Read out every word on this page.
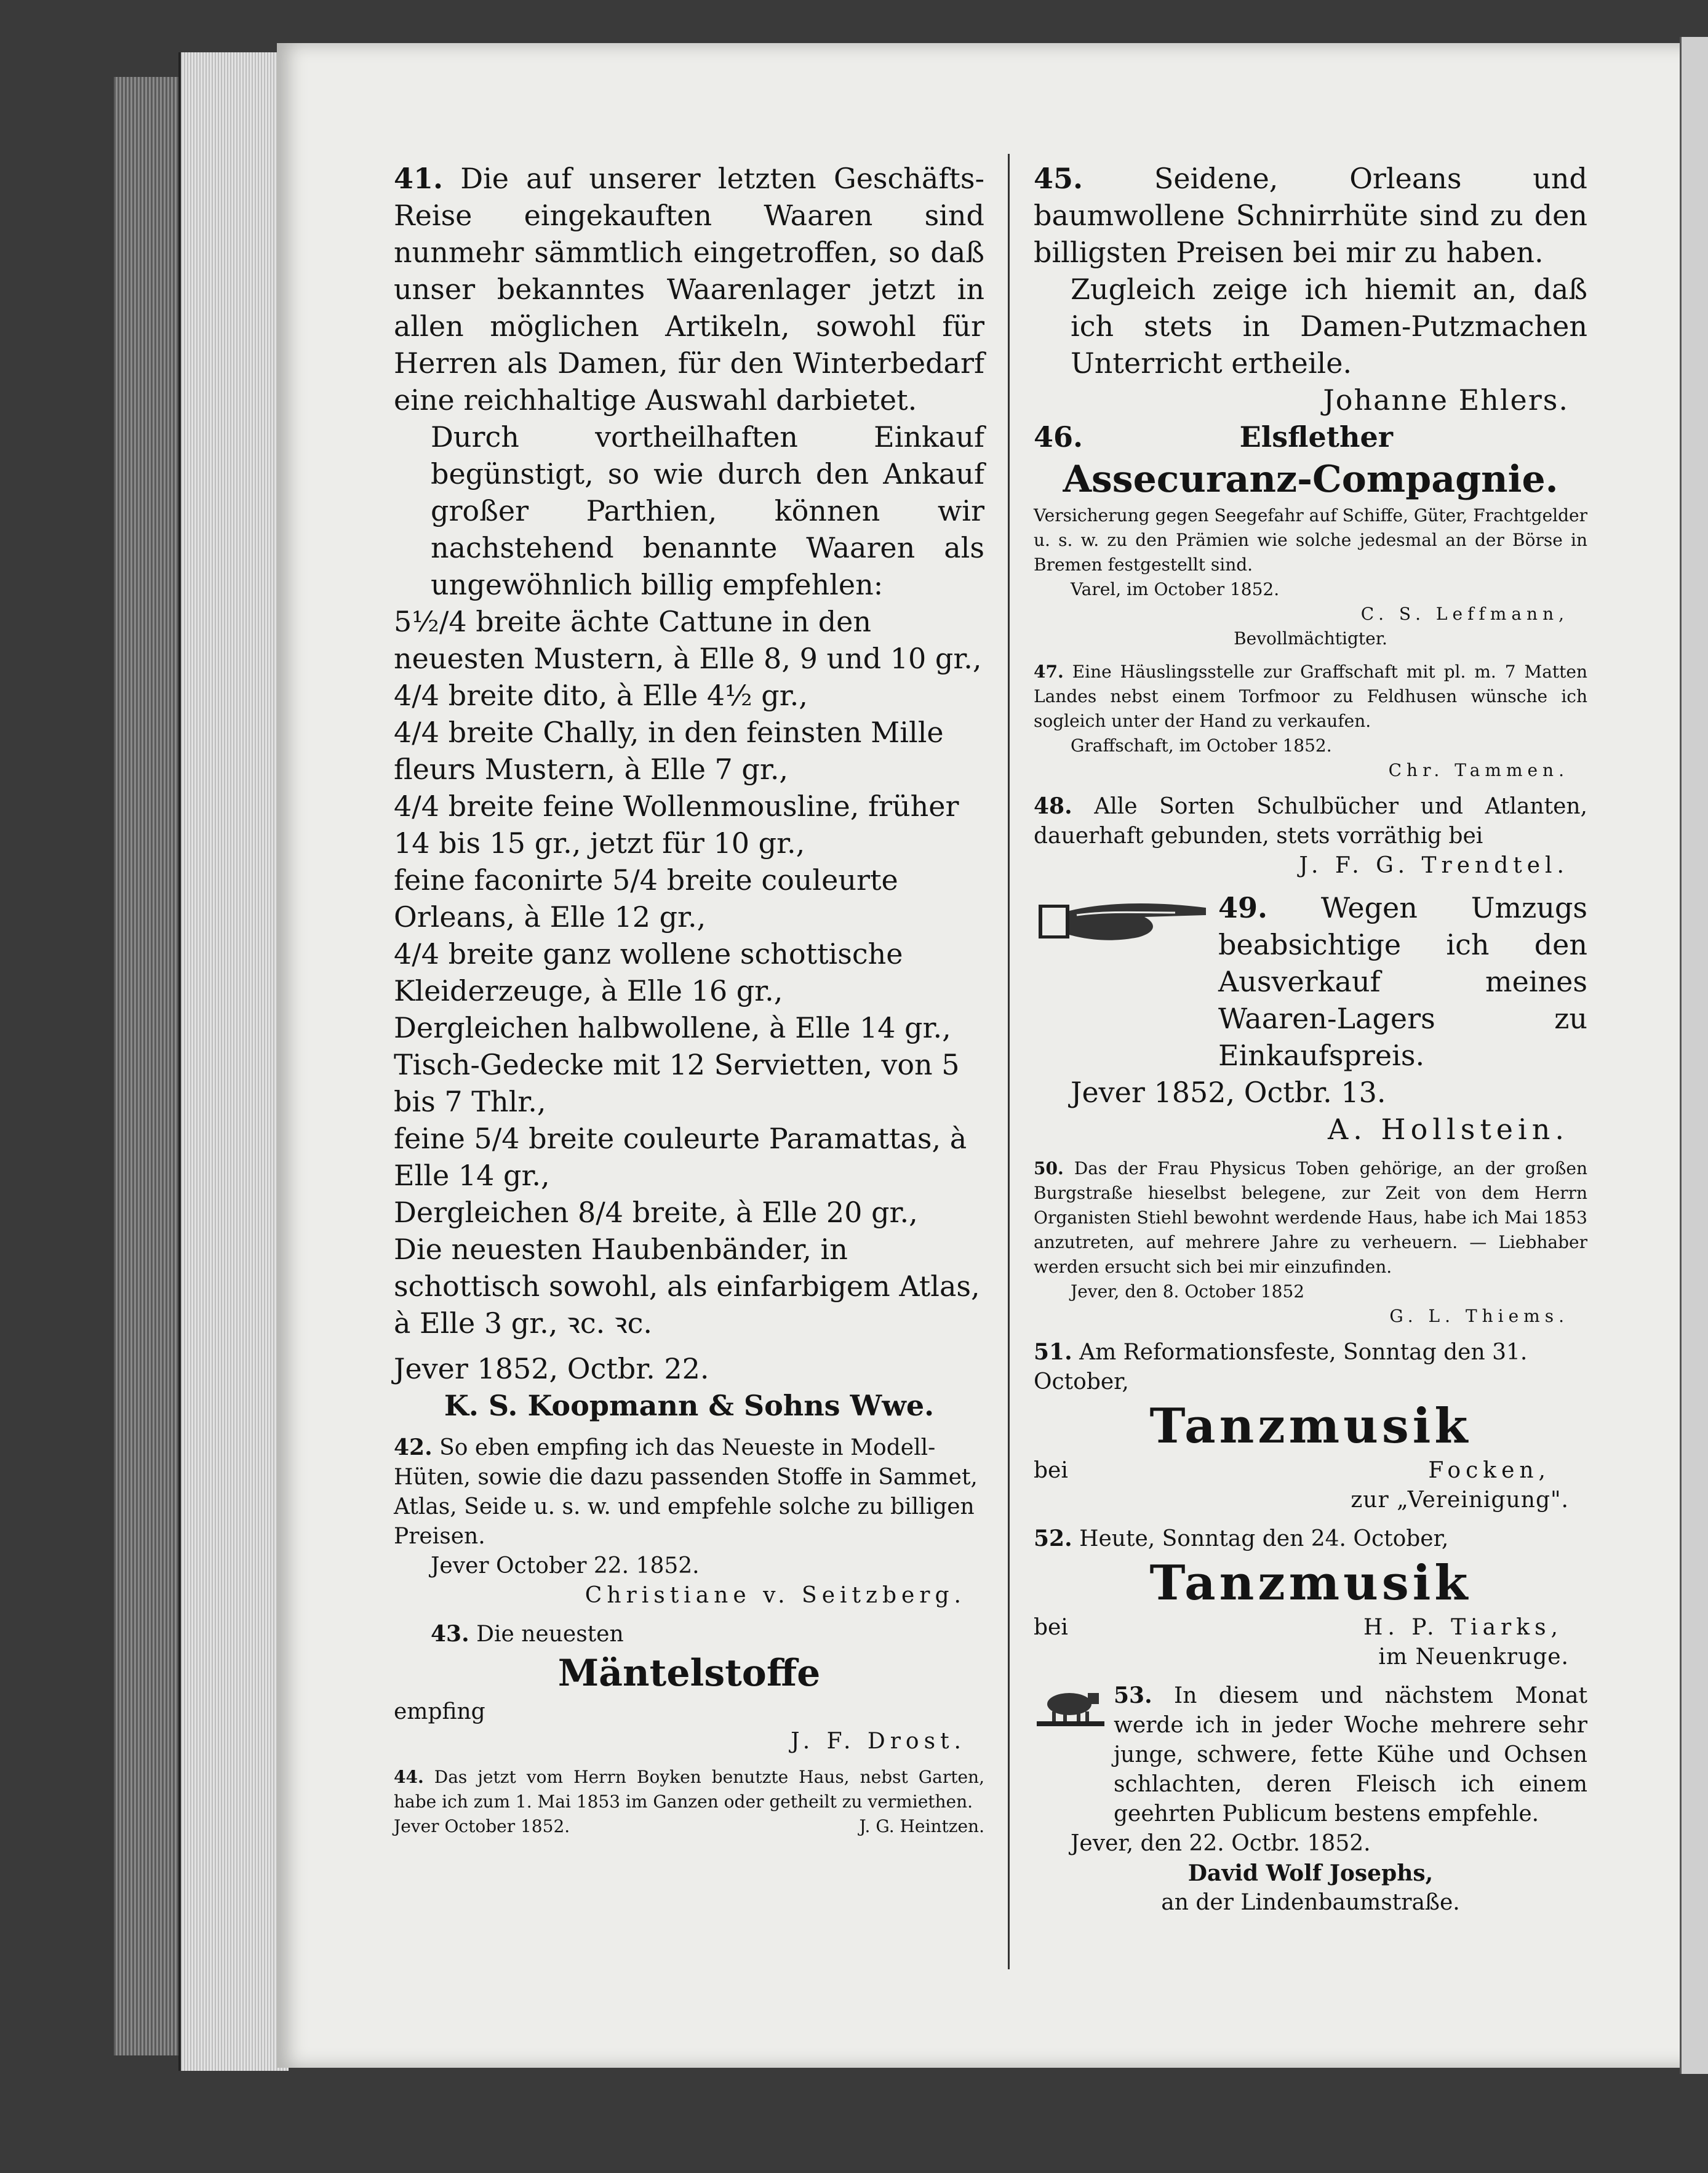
41. Die auf unserer letzten Geschäfts-Reise eingekauften Waaren sind nunmehr sämmtlich eingetroffen, so daß unser bekanntes Waarenlager jetzt in allen möglichen Artikeln, sowohl für Herren als Damen, für den Winterbedarf eine reichhaltige Auswahl darbietet.

Durch vortheilhaften Einkauf begünstigt, so wie durch den Ankauf großer Parthien, können wir nachstehend benannte Waaren als ungewöhnlich billig empfehlen:

5½/4 breite ächte Cattune in den neuesten Mustern, à Elle 8, 9 und 10 gr.,

4/4 breite dito, à Elle 4½ gr.,

4/4 breite Chally, in den feinsten Mille fleurs Mustern, à Elle 7 gr.,

4/4 breite feine Wollenmousline, früher 14 bis 15 gr., jetzt für 10 gr.,

feine faconirte 5/4 breite couleurte Orleans, à Elle 12 gr.,

4/4 breite ganz wollene schottische Kleiderzeuge, à Elle 16 gr.,

Dergleichen halbwollene, à Elle 14 gr.,

Tisch-Gedecke mit 12 Servietten, von 5 bis 7 Thlr.,

feine 5/4 breite couleurte Paramattas, à Elle 14 gr.,

Dergleichen 8/4 breite, à Elle 20 gr.,

Die neuesten Haubenbänder, in schottisch sowohl, als einfarbigem Atlas, à Elle 3 gr., ꝛc. ꝛc.

Jever 1852, Octbr. 22.

K. S. Koopmann & Sohns Wwe.

42. So eben empfing ich das Neueste in Modell-Hüten, sowie die dazu passenden Stoffe in Sammet, Atlas, Seide u. s. w. und empfehle solche zu billigen Preisen.

Jever October 22. 1852.

Christiane v. Seitzberg.

43. Die neuesten

Mäntelstoffe

empfing

J. F. Drost.

44. Das jetzt vom Herrn Boyken benutzte Haus, nebst Garten, habe ich zum 1. Mai 1853 im Ganzen oder getheilt zu vermiethen.

Jever October 1852.	J. G. Heintzen.

45.	Seidene, Orleans und baumwollene Schnirrhüte sind zu den billigsten Preisen bei mir zu haben.

Zugleich zeige ich hiemit an, daß ich stets in Damen-Putzmachen Unterricht ertheile.

Johanne Ehlers.

46.	Elsflether

Assecuranz-Compagnie.

Versicherung gegen Seegefahr auf Schiffe, Güter, Frachtgelder u. s. w. zu den Prämien wie solche jedesmal an der Börse in Bremen festgestellt sind.

Varel, im October 1852.

C. S. Leffmann,

Bevollmächtigter.

47. Eine Häuslingsstelle zur Graffschaft mit pl. m. 7 Matten Landes nebst einem Torfmoor zu Feldhusen wünsche ich sogleich unter der Hand zu verkaufen.

Graffschaft, im October 1852.

Chr. Tammen.

48. Alle Sorten Schulbücher und Atlanten, dauerhaft gebunden, stets vorräthig bei

J. F. G. Trendtel.

49. Wegen Umzugs beabsichtige ich den Ausverkauf meines Waaren-Lagers zu Einkaufspreis.

Jever 1852, Octbr. 13.

A. Hollstein.

50. Das der Frau Physicus Toben gehörige, an der großen Burgstraße hieselbst belegene, zur Zeit von dem Herrn Organisten Stiehl bewohnt werdende Haus, habe ich Mai 1853 anzutreten, auf mehrere Jahre zu verheuern. — Liebhaber werden ersucht sich bei mir einzufinden.

Jever, den 8. October 1852

G. L. Thiems.

51. Am Reformationsfeste, Sonntag den 31. October,

Tanzmusik

bei	Focken,

zur „Vereinigung".

52. Heute, Sonntag den 24. October,

Tanzmusik

bei	H. P. Tiarks,

im Neuenkruge.

53. In diesem und nächstem Monat werde ich in jeder Woche mehrere sehr junge, schwere, fette Kühe und Ochsen schlachten, deren Fleisch ich einem geehrten Publicum bestens empfehle.

Jever, den 22. Octbr. 1852.

David Wolf Josephs,

an der Lindenbaumstraße.
